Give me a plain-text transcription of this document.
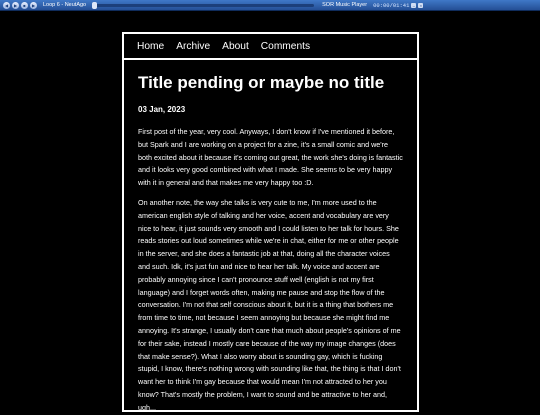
◀	▶	■	▶	Loop 6 - NeutAgo	SOR Music Player 00:00/01:41 –	×
Home Archive About Comments
Title pending or maybe no title
03 Jan, 2023

First post of the year, very cool. Anyways, I don't know if I've mentioned it before, but Spark and I are working on a project for a zine, it's a small comic and we're both excited about it because it's coming out great, the work she's doing is fantastic and it looks very good combined with what I made. She seems to be very happy with it in general and that makes me very happy too :D.

On another note, the way she talks is very cute to me, I'm more used to the american english style of talking and her voice, accent and vocabulary are very nice to hear, it just sounds very smooth and I could listen to her talk for hours. She reads stories out loud sometimes while we're in chat, either for me or other people in the server, and she does a fantastic job at that, doing all the character voices and such. Idk, it's just fun and nice to hear her talk. My voice and accent are probably annoying since I can't pronounce stuff well (english is not my first language) and I forget words often, making me pause and stop the flow of the conversation. I'm not that self conscious about it, but it is a thing that bothers me from time to time, not because I seem annoying but because she might find me annoying. It's strange, I usually don't care that much about people's opinions of me for their sake, instead I mostly care because of the way my image changes (does that make sense?). What I also worry about is sounding gay, which is fucking stupid, I know, there's nothing wrong with sounding like that, the thing is that I don't want her to think I'm gay because that would mean I'm not attracted to her you know? That's mostly the problem, I want to sound and be attractive to her and, ugh...
